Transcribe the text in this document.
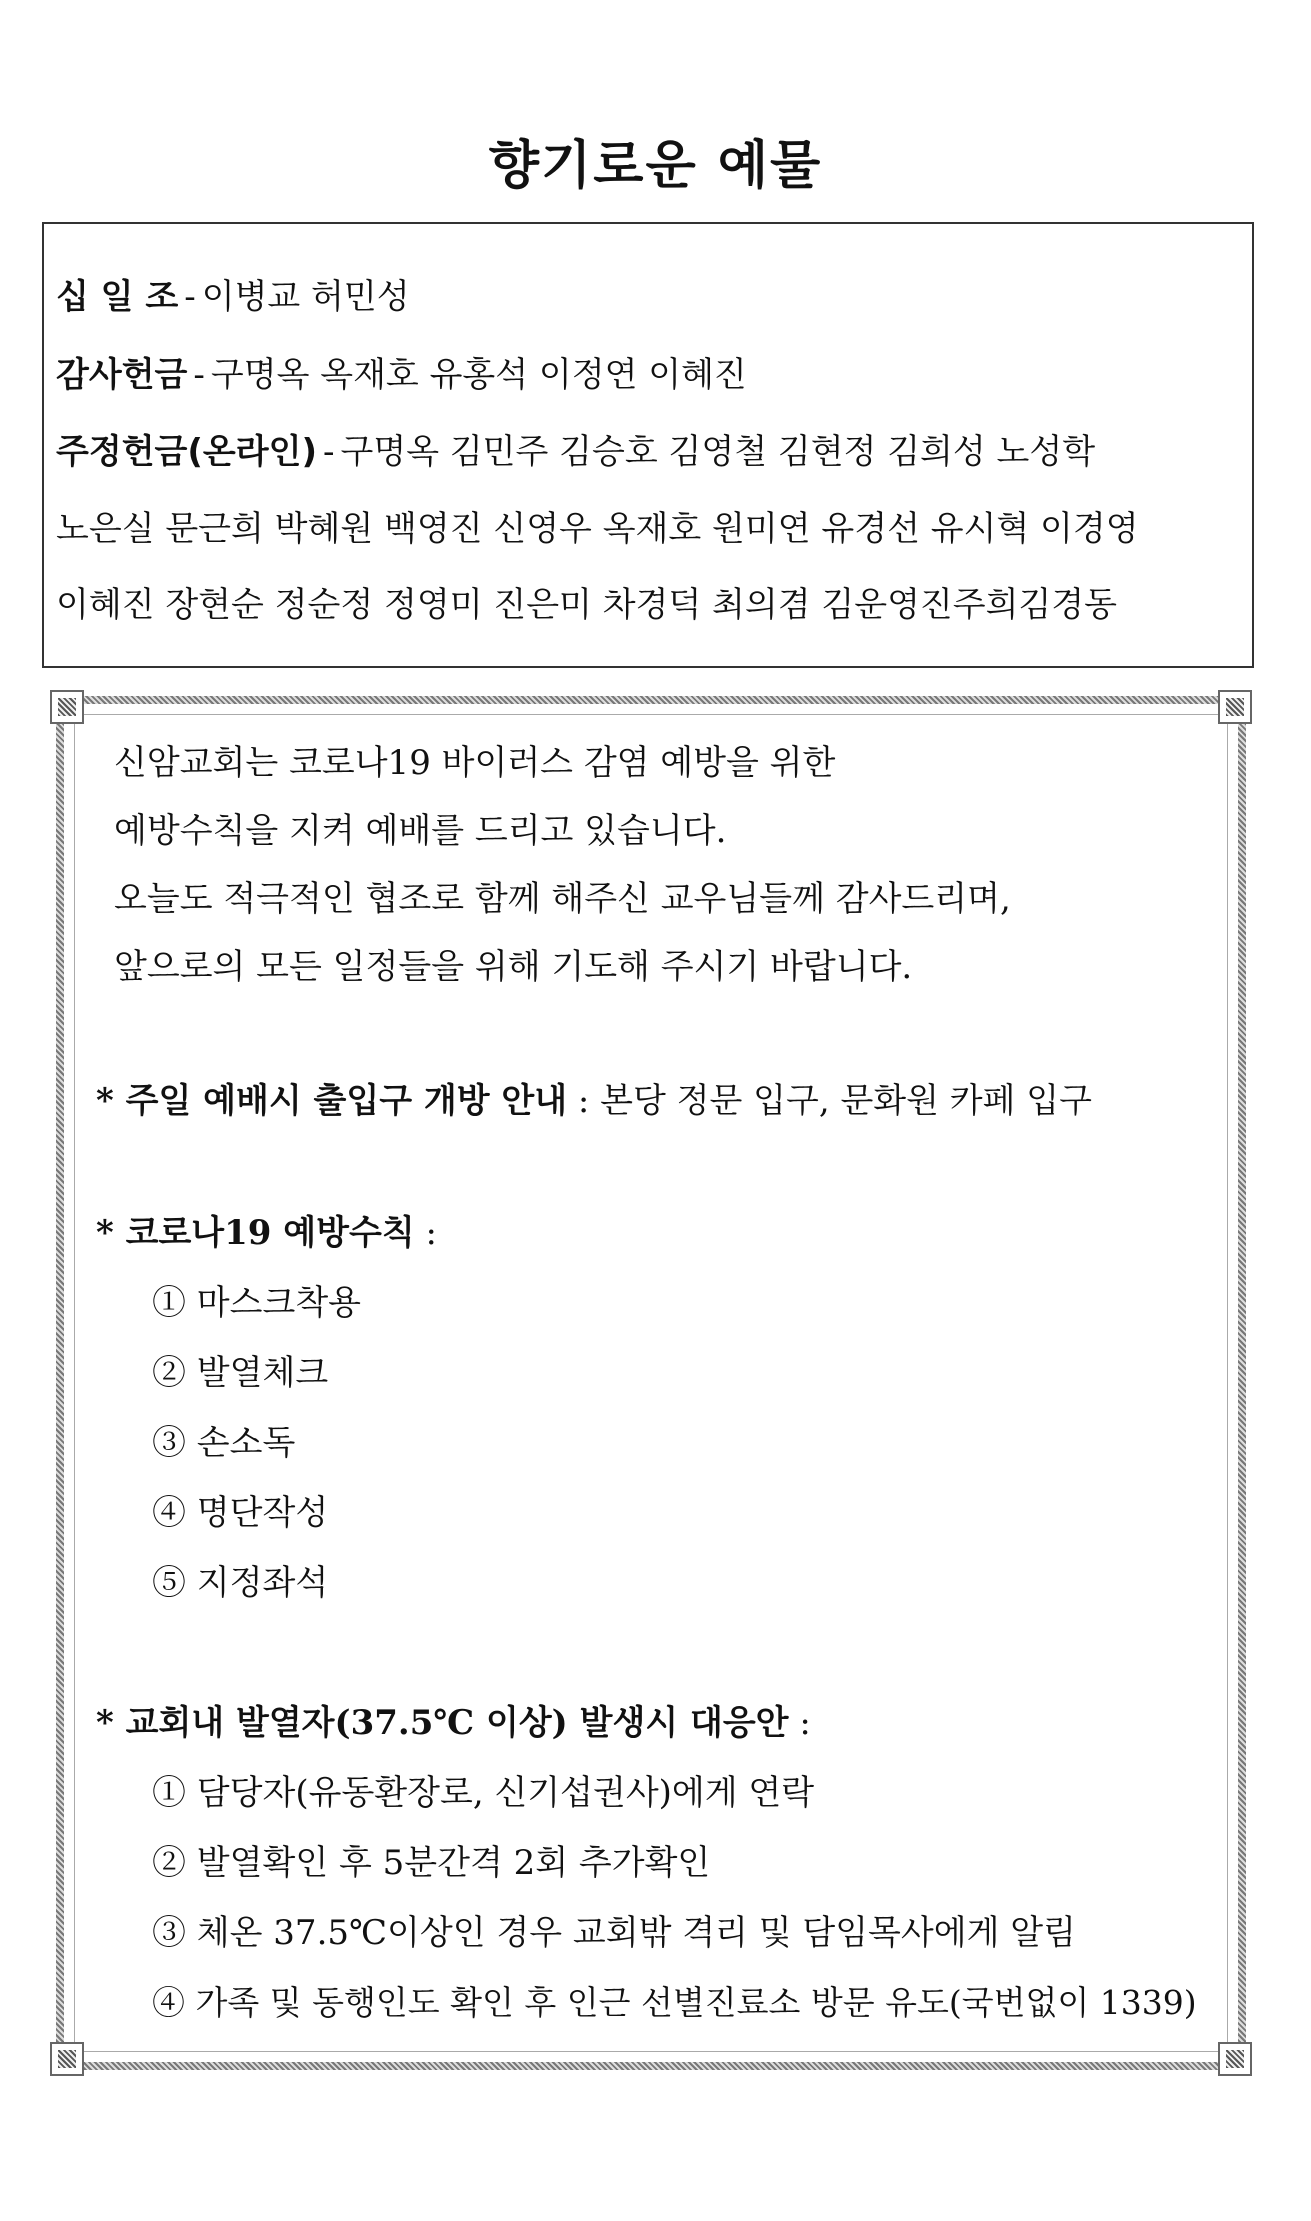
향기로운 예물
십 일 조 - 이병교 허민성
감사헌금 - 구명옥 옥재호 유홍석 이정연 이혜진
주정헌금(온라인) - 구명옥 김민주 김승호 김영철 김현정 김희성 노성학
노은실 문근희 박혜원 백영진 신영우 옥재호 원미연 유경선 유시혁 이경영
이혜진 장현순 정순정 정영미 진은미 차경덕 최의겸 김운영진주희김경동
신암교회는 코로나19 바이러스 감염 예방을 위한
예방수칙을 지켜 예배를 드리고 있습니다.
오늘도 적극적인 협조로 함께 해주신 교우님들께 감사드리며,
앞으로의 모든 일정들을 위해 기도해 주시기 바랍니다.
* 주일 예배시 출입구 개방 안내 : 본당 정문 입구, 문화원 카페 입구
* 코로나19 예방수칙 :
① 마스크착용
② 발열체크
③ 손소독
④ 명단작성
⑤ 지정좌석
* 교회내 발열자(37.5℃ 이상) 발생시 대응안 :
① 담당자(유동환장로, 신기섭권사)에게 연락
② 발열확인 후 5분간격 2회 추가확인
③ 체온 37.5℃이상인 경우 교회밖 격리 및 담임목사에게 알림
④ 가족 및 동행인도 확인 후 인근 선별진료소 방문 유도(국번없이 1339)
